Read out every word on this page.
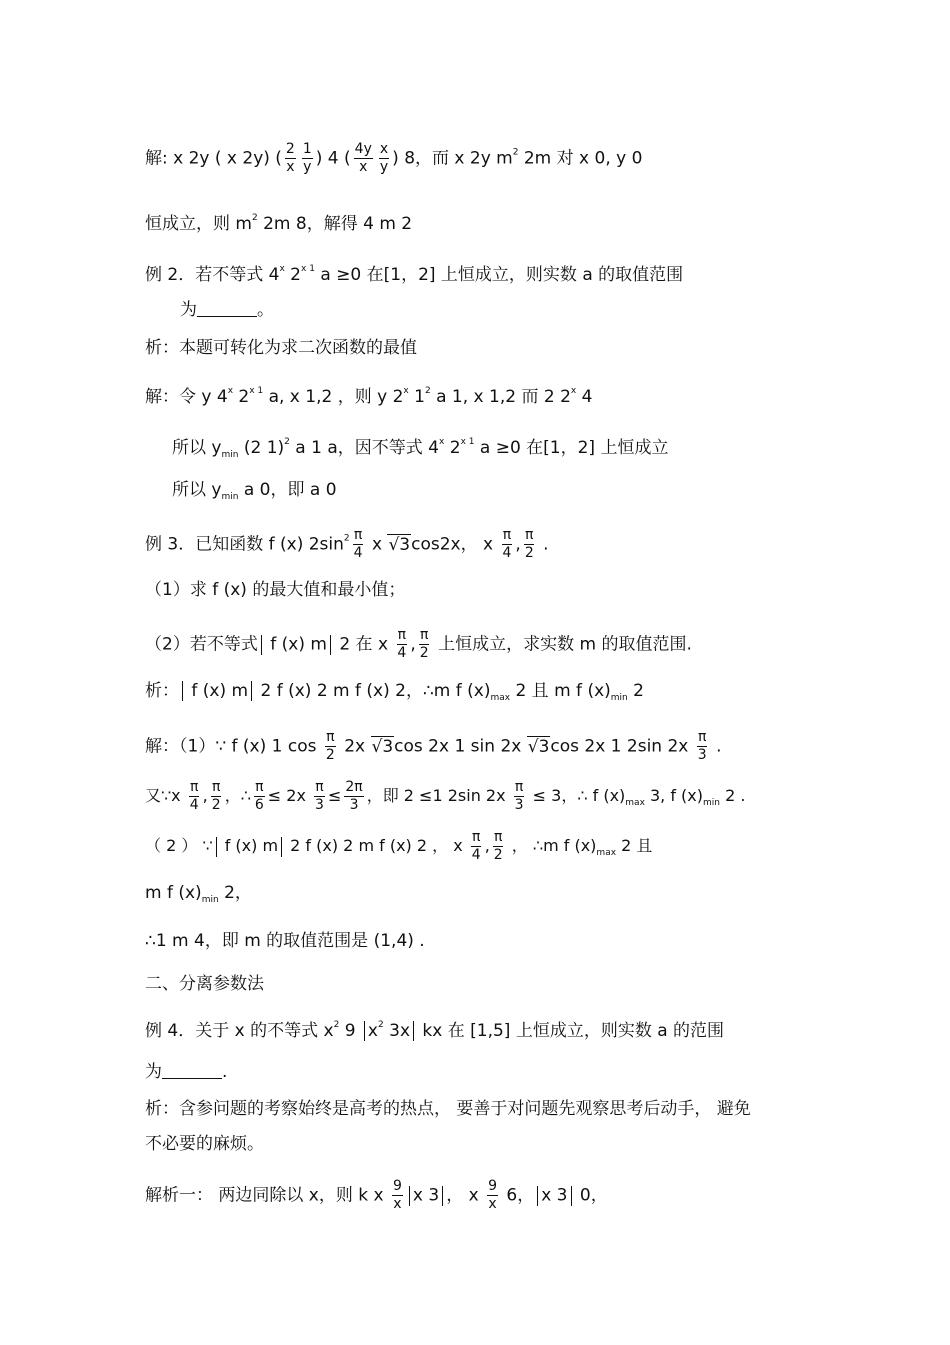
解: x 2y ( x 2y) ( $\frac{2}{x} \frac{1}{y}$ ) 4 ( $\frac{4y}{x} \frac{x}{y}$ ) 8，而 x 2y $m^2$ 2m 对 x 0, y 0
恒成立，则 $m^2$ 2m 8，解得 4 m 2
例 2．若不等式 4$^x$ $2^{x 1}$ a ≥0 在[1，2] 上恒成立，则实数 a 的取值范围
为	。
析：本题可转化为求二次函数的最值
解：令 y 4$^x$ $2^{x 1}$ a, x 1,2 ，则 y 2$^x$ $1^2$ a 1, x 1,2 而 2 2$^x$ 4
所以 $y_{min}$ (2 1)$^2$ a 1 a，因不等式 4$^x$ $2^{x 1}$ a ≥0 在[1，2] 上恒成立
所以 $y_{min}$ a 0，即 a 0
例 3．已知函数 f (x) $2\sin^2 \frac{\pi}{4}$ x √3cos2x， x $\frac{\pi}{4}$ , $\frac{\pi}{2}$ .
（1）求 f (x) 的最大值和最小值；
（2）若不等式 f (x) m 2 在 x $\frac{\pi}{4}$ , $\frac{\pi}{2}$ 上恒成立，求实数 m 的取值范围.
析： f (x) m 2 f (x) 2 m f (x) 2，∴m f $(x)_{max}$ 2 且 m f $(x)_{min}$ 2
解：（1）∵ f (x) 1 $\cos \frac{\pi}{2} 2x$ √3cos 2x 1 sin 2x √3cos 2x 1 2sin $2x \frac{\pi}{3}$ .
又∵x $\frac{\pi}{4}$ , $\frac{\pi}{2}$ ，∴ $\frac{\pi}{6} \le 2x \frac{\pi}{3} \le \frac{2\pi}{3}$ ，即 2 ≤1 2sin $2x \frac{\pi}{3} \le 3$，∴ f $(x)_{max}$ 3, f $(x)_{min}$ 2 .
（ 2 ） ∵ f (x) m 2 f (x) 2 m f (x) 2 ， x $\frac{\pi}{4}$ , $\frac{\pi}{2}$ ， ∴m f $(x)_{max}$ 2 且
m f $(x)_{min}$ 2，
∴1 m 4，即 m 的取值范围是 (1,4) .
二、分离参数法
例 4．关于 x 的不等式 $x^2$ 9 $x^2$ 3x kx 在 [1,5] 上恒成立，则实数 a 的范围
为	.
析：含参问题的考察始终是高考的热点， 要善于对问题先观察思考后动手， 避免
不必要的麻烦。
解析一： 两边同除以 x，则 k x $\frac{9}{x}$ x 3 ， x $\frac{9}{x} 6$， x 3 0，
